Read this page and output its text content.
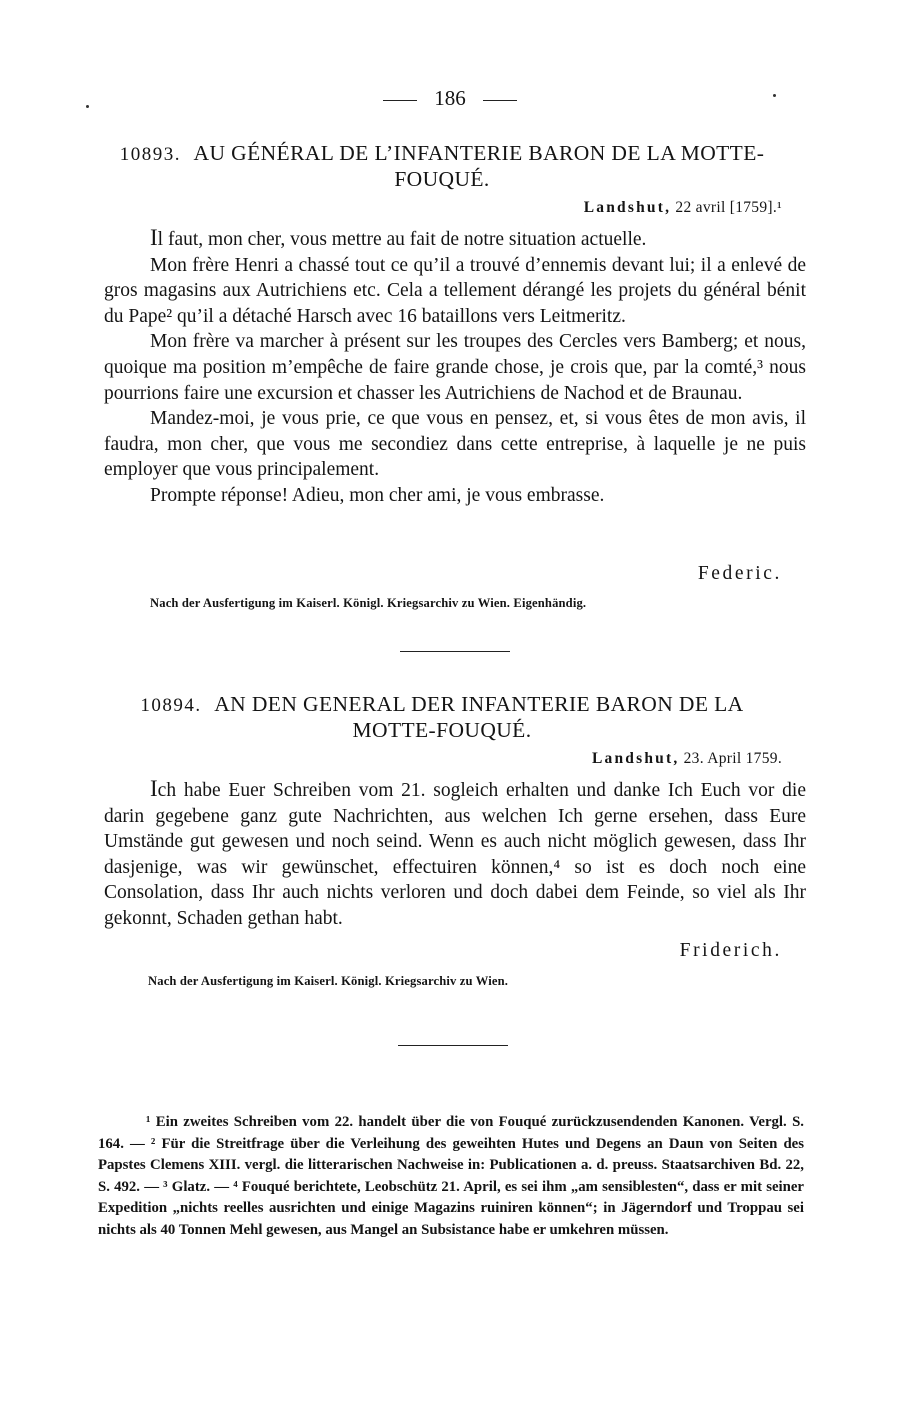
186
10893. AU GÉNÉRAL DE L’INFANTERIE BARON DE LA MOTTE-FOUQUÉ.
Landshut, 22 avril [1759].¹

Il faut, mon cher, vous mettre au fait de notre situation actuelle.

Mon frère Henri a chassé tout ce qu’il a trouvé d’ennemis devant lui; il a enlevé de gros magasins aux Autrichiens etc. Cela a tellement dérangé les projets du général bénit du Pape² qu’il a détaché Harsch avec 16 bataillons vers Leitmeritz.

Mon frère va marcher à présent sur les troupes des Cercles vers Bamberg; et nous, quoique ma position m’empêche de faire grande chose, je crois que, par la comté,³ nous pourrions faire une excursion et chasser les Autrichiens de Nachod et de Braunau.

Mandez-moi, je vous prie, ce que vous en pensez, et, si vous êtes de mon avis, il faudra, mon cher, que vous me secondiez dans cette entreprise, à laquelle je ne puis employer que vous principalement.

Prompte réponse! Adieu, mon cher ami, je vous embrasse.

Federic.
Nach der Ausfertigung im Kaiserl. Königl. Kriegsarchiv zu Wien. Eigenhändig.
10894. AN DEN GENERAL DER INFANTERIE BARON DE LA MOTTE-FOUQUÉ.
Landshut, 23. April 1759.

Ich habe Euer Schreiben vom 21. sogleich erhalten und danke Ich Euch vor die darin gegebene ganz gute Nachrichten, aus welchen Ich gerne ersehen, dass Eure Umstände gut gewesen und noch seind. Wenn es auch nicht möglich gewesen, dass Ihr dasjenige, was wir gewünschet, effectuiren können,⁴ so ist es doch noch eine Consolation, dass Ihr auch nichts verloren und doch dabei dem Feinde, so viel als Ihr gekonnt, Schaden gethan habt.

Friderich.
Nach der Ausfertigung im Kaiserl. Königl. Kriegsarchiv zu Wien.

¹ Ein zweites Schreiben vom 22. handelt über die von Fouqué zurückzusendenden Kanonen. Vergl. S. 164. — ² Für die Streitfrage über die Verleihung des geweihten Hutes und Degens an Daun von Seiten des Papstes Clemens XIII. vergl. die litterarischen Nachweise in: Publicationen a. d. preuss. Staatsarchiven Bd. 22, S. 492. — ³ Glatz. — ⁴ Fouqué berichtete, Leobschütz 21. April, es sei ihm „am sensiblesten“, dass er mit seiner Expedition „nichts reelles ausrichten und einige Magazins ruiniren können“; in Jägerndorf und Troppau sei nichts als 40 Tonnen Mehl gewesen, aus Mangel an Subsistance habe er umkehren müssen.
